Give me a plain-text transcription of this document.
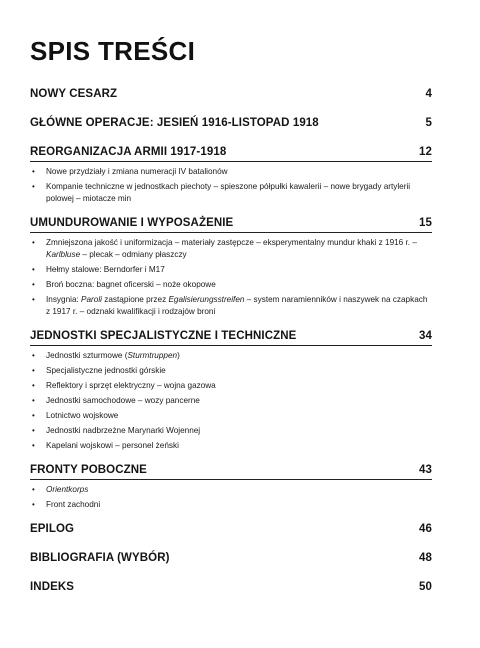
SPIS TREŚCI
NOWY CESARZ	4
GŁÓWNE OPERACJE: JESIEŃ 1916-LISTOPAD 1918	5
REORGANIZACJA ARMII 1917-1918	12
• Nowe przydziały i zmiana numeracji IV batalionów
• Kompanie techniczne w jednostkach piechoty – spieszone półpułki kawalerii – nowe brygady artylerii polowej – miotacze min
UMUNDUROWANIE I WYPOSAŻENIE	15
• Zmniejszona jakość i uniformizacja – materiały zastępcze – eksperymentalny mundur khaki z 1916 r. – Karlbluse – plecak – odmiany płaszczy
• Hełmy stalowe: Berndorfer i M17
• Broń boczna: bagnet oficerski – noże okopowe
• Insygnia: Paroli zastąpione przez Egalisierungsstreifen – system naramienników i naszywek na czapkach z 1917 r. – odznaki kwalifikacji i rodzajów broni
JEDNOSTKI SPECJALISTYCZNE I TECHNICZNE	34
• Jednostki szturmowe (Sturmtruppen)
• Specjalistyczne jednostki górskie
• Reflektory i sprzęt elektryczny – wojna gazowa
• Jednostki samochodowe – wozy pancerne
• Lotnictwo wojskowe
• Jednostki nadbrzeżne Marynarki Wojennej
• Kapelani wojskowi – personel żeński
FRONTY POBOCZNE	43
• Orientkorps
• Front zachodni
EPILOG	46
BIBLIOGRAFIA (WYBÓR)	48
INDEKS	50
